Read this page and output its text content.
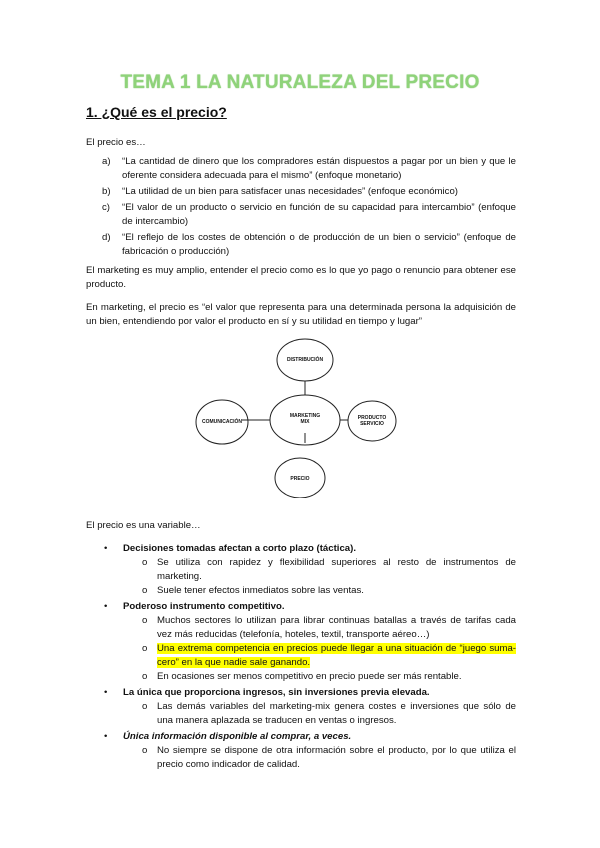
TEMA 1 LA NATURALEZA DEL PRECIO
1. ¿Qué es el precio?
El precio es…
a) “La cantidad de dinero que los compradores están dispuestos a pagar por un bien y que le oferente considera adecuada para el mismo” (enfoque monetario)
b) “La utilidad de un bien para satisfacer unas necesidades” (enfoque económico)
c) “El valor de un producto o servicio en función de su capacidad para intercambio” (enfoque de intercambio)
d) “El reflejo de los costes de obtención o de producción de un bien o servicio” (enfoque de fabricación o producción)
El marketing es muy amplio, entender el precio como es lo que yo pago o renuncio para obtener ese producto.
En marketing, el precio es “el valor que representa para una determinada persona la adquisición de un bien, entendiendo por valor el producto en sí y su utilidad en tiempo y lugar”
DISTRIBUCIÓN
MARKETING MIX
COMUNICACIÓN
PRODUCTO SERVICIO
PRECIO
El precio es una variable…
• Decisiones tomadas afectan a corto plazo (táctica).
o Se utiliza con rapidez y flexibilidad superiores al resto de instrumentos de marketing.
o Suele tener efectos inmediatos sobre las ventas.
• Poderoso instrumento competitivo.
o Muchos sectores lo utilizan para librar continuas batallas a través de tarifas cada vez más reducidas (telefonía, hoteles, textil, transporte aéreo…)
o Una extrema competencia en precios puede llegar a una situación de “juego suma-cero” en la que nadie sale ganando.
o En ocasiones ser menos competitivo en precio puede ser más rentable.
• La única que proporciona ingresos, sin inversiones previa elevada.
o Las demás variables del marketing-mix genera costes e inversiones que sólo de una manera aplazada se traducen en ventas o ingresos.
• Única información disponible al comprar, a veces.
o No siempre se dispone de otra información sobre el producto, por lo que utiliza el precio como indicador de calidad.
